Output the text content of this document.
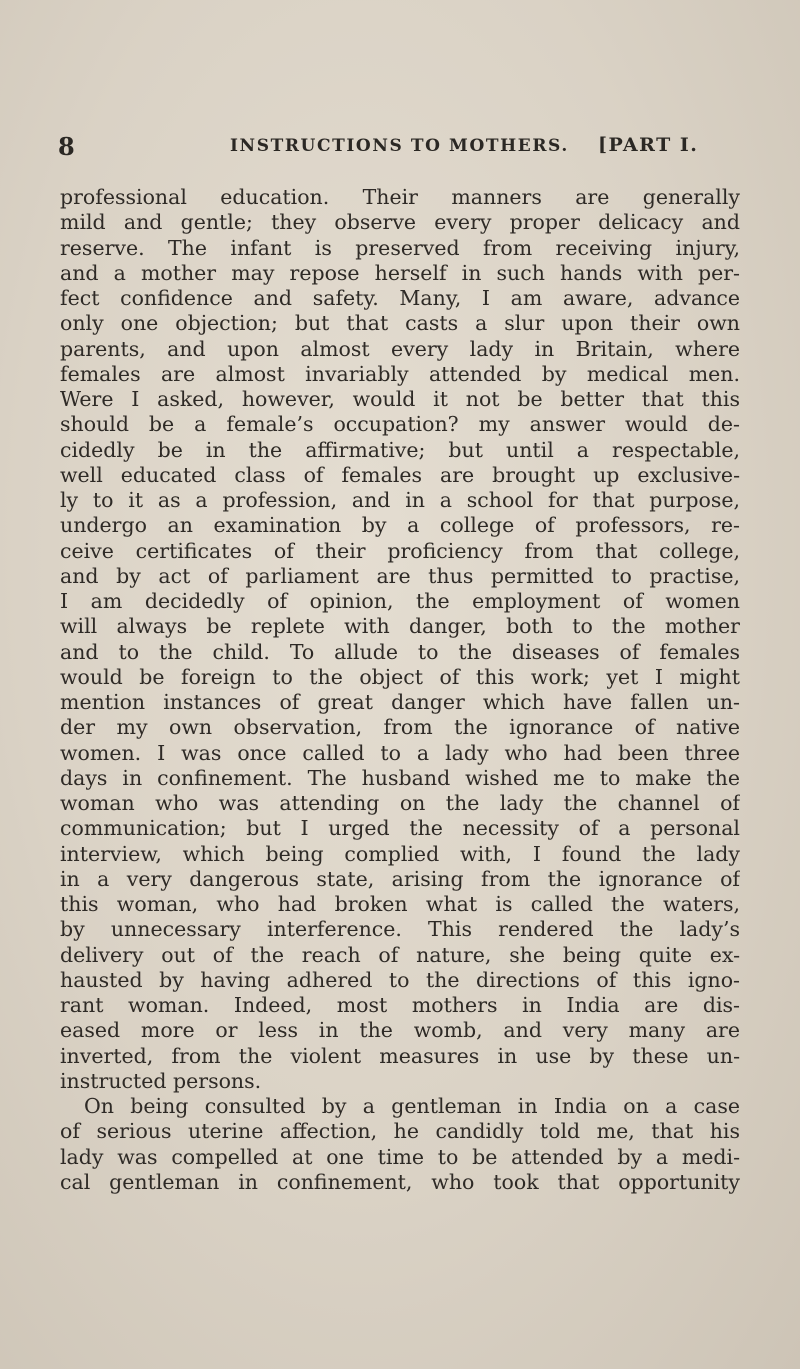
8	INSTRUCTIONS TO MOTHERS. [PART I.
professional education. Their manners are generally
mild and gentle; they observe every proper delicacy and
reserve. The infant is preserved from receiving injury,
and a mother may repose herself in such hands with per-
fect confidence and safety. Many, I am aware, advance
only one objection; but that casts a slur upon their own
parents, and upon almost every lady in Britain, where
females are almost invariably attended by medical men.
Were I asked, however, would it not be better that this
should be a female’s occupation? my answer would de-
cidedly be in the affirmative; but until a respectable,
well educated class of females are brought up exclusive-
ly to it as a profession, and in a school for that purpose,
undergo an examination by a college of professors, re-
ceive certificates of their proficiency from that college,
and by act of parliament are thus permitted to practise,
I am decidedly of opinion, the employment of women
will always be replete with danger, both to the mother
and to the child. To allude to the diseases of females
would be foreign to the object of this work; yet I might
mention instances of great danger which have fallen un-
der my own observation, from the ignorance of native
women. I was once called to a lady who had been three
days in confinement. The husband wished me to make the
woman who was attending on the lady the channel of
communication; but I urged the necessity of a personal
interview, which being complied with, I found the lady
in a very dangerous state, arising from the ignorance of
this woman, who had broken what is called the waters,
by unnecessary interference. This rendered the lady’s
delivery out of the reach of nature, she being quite ex-
hausted by having adhered to the directions of this igno-
rant woman. Indeed, most mothers in India are dis-
eased more or less in the womb, and very many are
inverted, from the violent measures in use by these un-
instructed persons.
On being consulted by a gentleman in India on a case
of serious uterine affection, he candidly told me, that his
lady was compelled at one time to be attended by a medi-
cal gentleman in confinement, who took that opportunity
